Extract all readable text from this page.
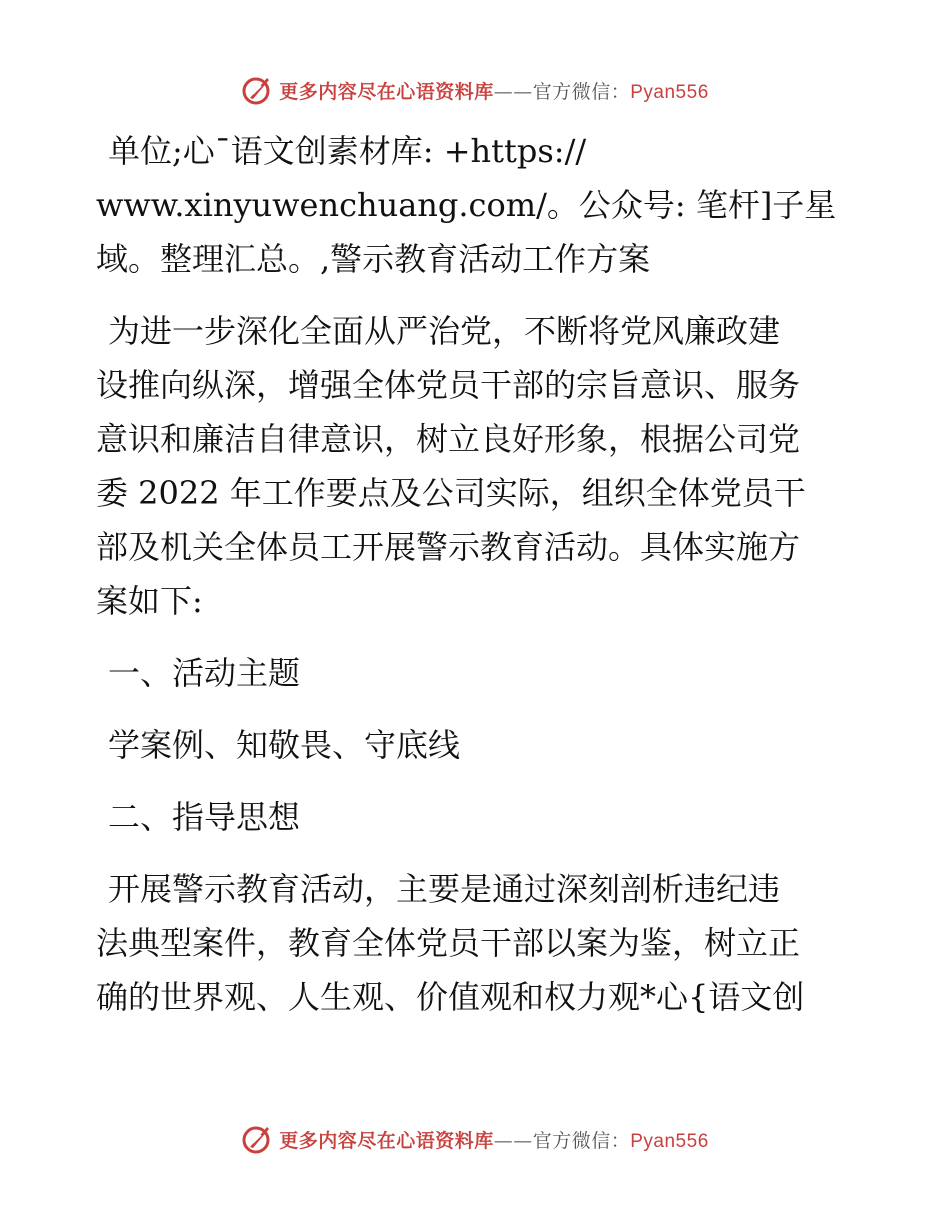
更多内容尽在心语资料库——官方微信：Pyan556
单位;心¯语文创素材库: +https://
www.xinyuwenchuang.com/。公众号: 笔杆]子星
域。整理汇总。,警示教育活动工作方案
为进一步深化全面从严治党，不断将党风廉政建
设推向纵深，增强全体党员干部的宗旨意识、服务
意识和廉洁自律意识，树立良好形象，根据公司党
委 2022 年工作要点及公司实际，组织全体党员干
部及机关全体员工开展警示教育活动。具体实施方
案如下:
一、活动主题
学案例、知敬畏、守底线
二、指导思想
开展警示教育活动，主要是通过深刻剖析违纪违
法典型案件，教育全体党员干部以案为鉴，树立正
确的世界观、人生观、价值观和权力观*心{语文创
更多内容尽在心语资料库——官方微信：Pyan556
